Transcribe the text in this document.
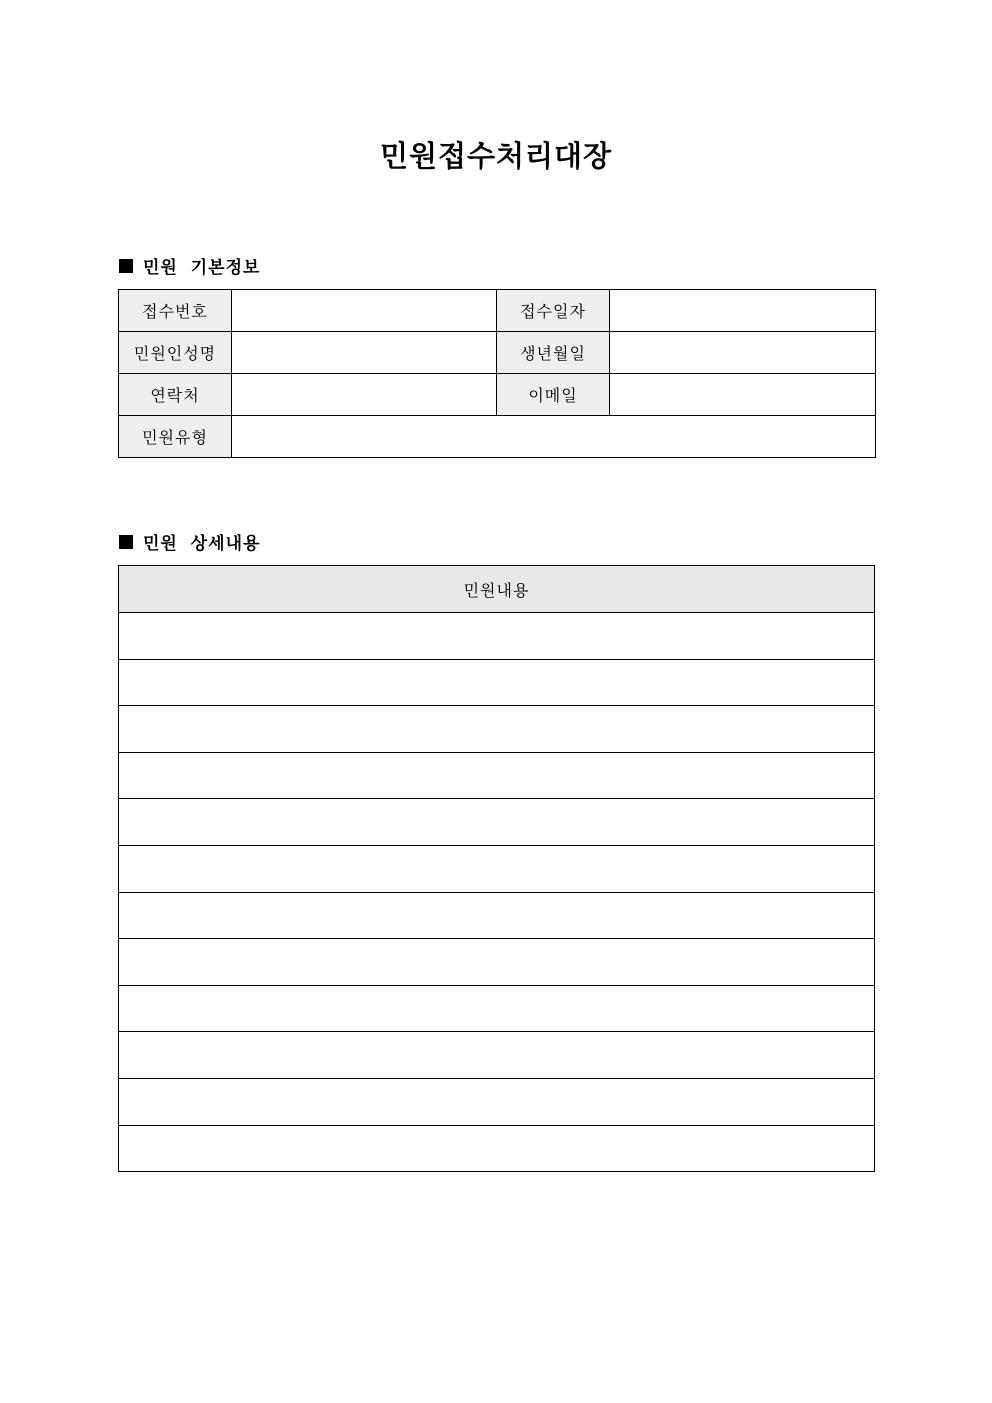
민원접수처리대장
민원 기본정보
접수번호		접수일자	
민원인성명		생년월일	
연락처		이메일	
민원유형			
민원 상세내용
민원내용
